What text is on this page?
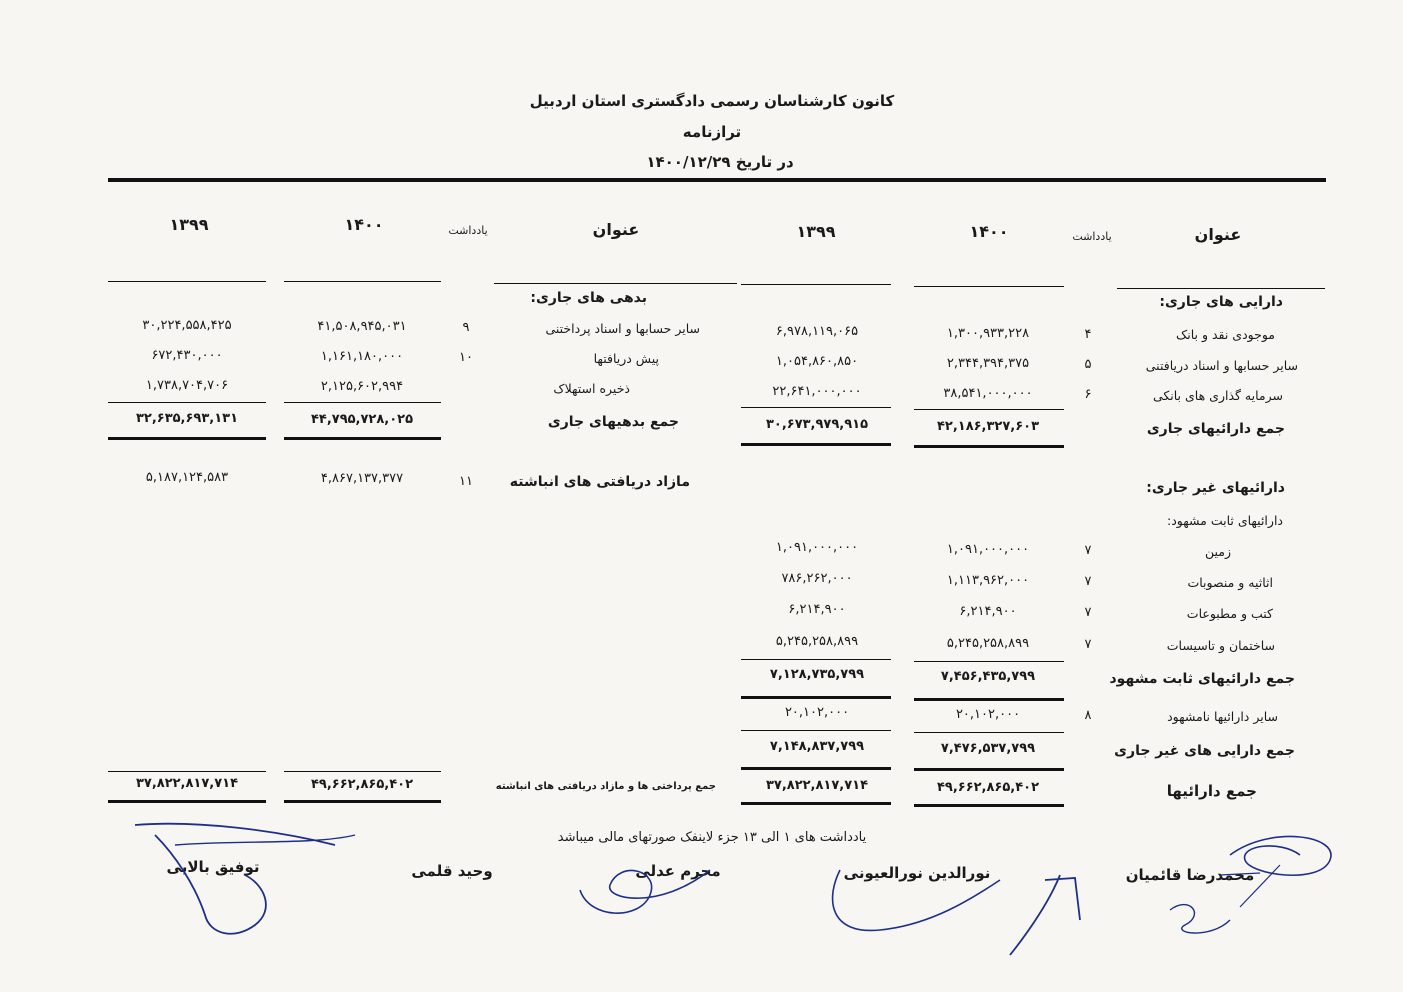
کانون کارشناسان رسمی دادگستری استان اردبیل
ترازنامه
در تاریخ ۱۴۰۰/۱۲/۲۹
عنوان
یادداشت
۱۴۰۰
۱۳۹۹
عنوان
یادداشت
۱۴۰۰
۱۳۹۹
دارایی های جاری:
موجودی نقد و بانک
۴
۱,۳۰۰,۹۳۳,۲۲۸
۶,۹۷۸,۱۱۹,۰۶۵
سایر حسابها و اسناد دریافتنی
۵
۲,۳۴۴,۳۹۴,۳۷۵
۱,۰۵۴,۸۶۰,۸۵۰
سرمایه گذاری های بانکی
۶
۳۸,۵۴۱,۰۰۰,۰۰۰
۲۲,۶۴۱,۰۰۰,۰۰۰
جمع دارائیهای جاری
۴۲,۱۸۶,۳۲۷,۶۰۳
۳۰,۶۷۳,۹۷۹,۹۱۵
دارائیهای غیر جاری:
دارائیهای ثابت مشهود:
زمین
۷
۱,۰۹۱,۰۰۰,۰۰۰
۱,۰۹۱,۰۰۰,۰۰۰
اثاثیه و منصوبات
۷
۱,۱۱۳,۹۶۲,۰۰۰
۷۸۶,۲۶۲,۰۰۰
کتب و مطبوعات
۷
۶,۲۱۴,۹۰۰
۶,۲۱۴,۹۰۰
ساختمان و تاسیسات
۷
۵,۲۴۵,۲۵۸,۸۹۹
۵,۲۴۵,۲۵۸,۸۹۹
جمع دارائیهای ثابت مشهود
۷,۴۵۶,۴۳۵,۷۹۹
۷,۱۲۸,۷۳۵,۷۹۹
سایر دارائیها نامشهود
۸
۲۰,۱۰۲,۰۰۰
۲۰,۱۰۲,۰۰۰
جمع دارایی های غیر جاری
۷,۴۷۶,۵۳۷,۷۹۹
۷,۱۴۸,۸۳۷,۷۹۹
جمع دارائیها
۴۹,۶۶۲,۸۶۵,۴۰۲
۳۷,۸۲۲,۸۱۷,۷۱۴
بدهی های جاری:
سایر حسابها و اسناد پرداختنی
۹
۴۱,۵۰۸,۹۴۵,۰۳۱
۳۰,۲۲۴,۵۵۸,۴۲۵
پیش دریافتها
۱۰
۱,۱۶۱,۱۸۰,۰۰۰
۶۷۲,۴۳۰,۰۰۰
ذخیره استهلاک
۲,۱۲۵,۶۰۲,۹۹۴
۱,۷۳۸,۷۰۴,۷۰۶
جمع بدهیهای جاری
۴۴,۷۹۵,۷۲۸,۰۲۵
۳۲,۶۳۵,۶۹۳,۱۳۱
مازاد دریافتی های انباشته
۱۱
۴,۸۶۷,۱۳۷,۳۷۷
۵,۱۸۷,۱۲۴,۵۸۳
جمع پرداختی ها و مازاد دریافتی های انباشته
۴۹,۶۶۲,۸۶۵,۴۰۲
۳۷,۸۲۲,۸۱۷,۷۱۴
یادداشت های ۱ الی ۱۳ جزء لاینفک صورتهای مالی میباشد
محمدرضا قائمیان
نورالدین نورالعیونی
محرم عدلی
وحید قلمی
توفیق بالایی
